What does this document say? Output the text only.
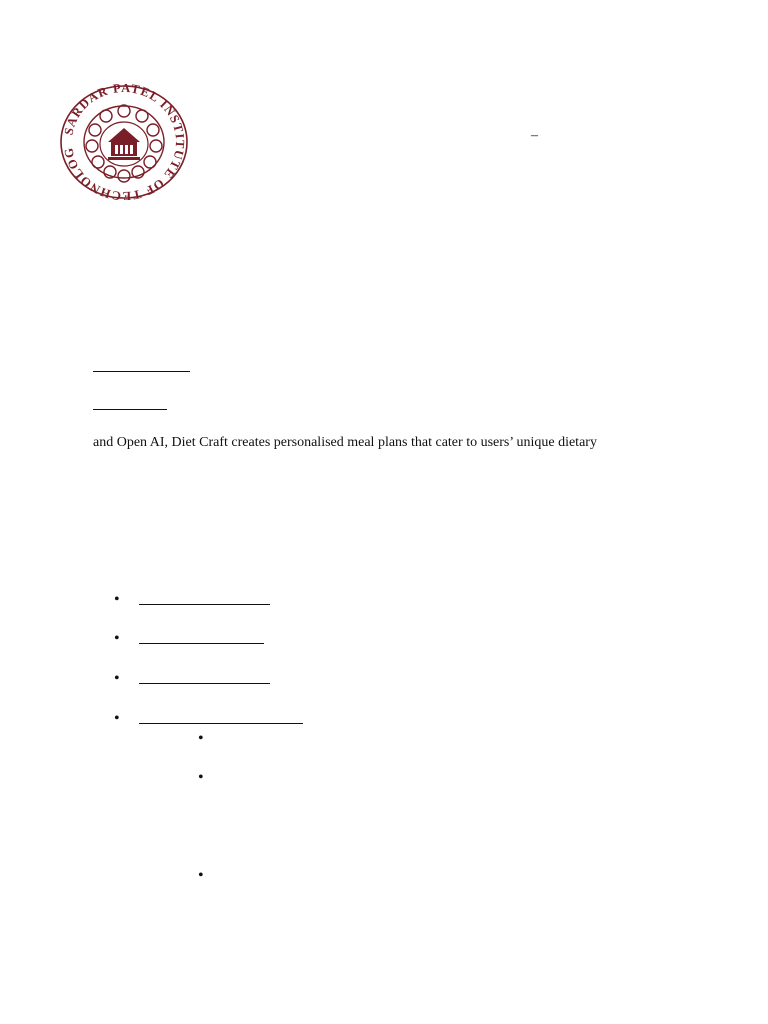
SARDAR PATEL INSTITUTE OF TECHNOLOG
–
and Open AI, Diet Craft creates personalised meal plans that cater to users’ unique dietary
•
•
•
•
•
•
•
